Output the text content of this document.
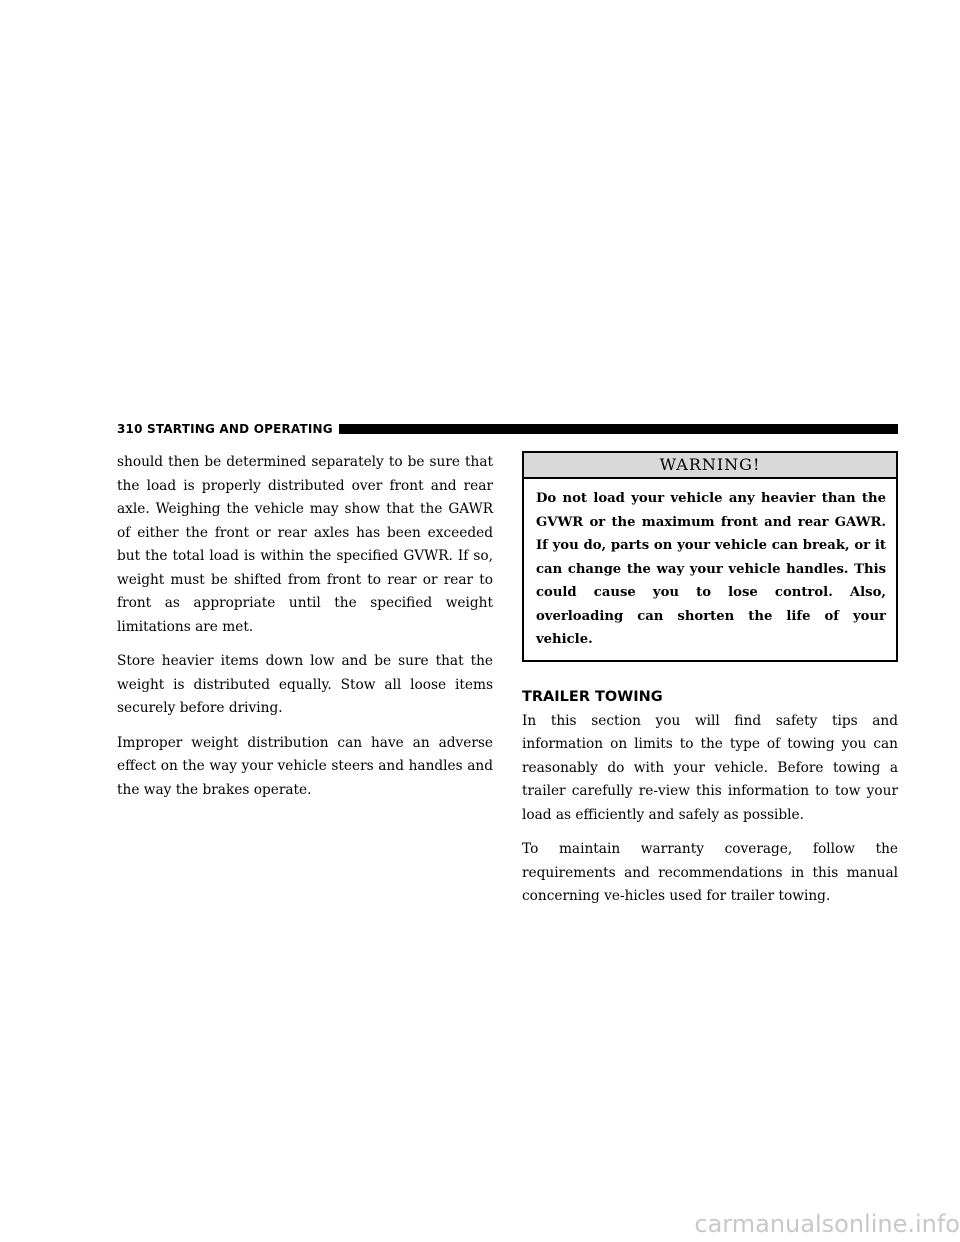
310 STARTING AND OPERATING

should then be determined separately to be sure that the load is properly distributed over front and rear axle. Weighing the vehicle may show that the GAWR of either the front or rear axles has been exceeded but the total load is within the specified GVWR. If so, weight must be shifted from front to rear or rear to front as appropriate until the specified weight limitations are met.

Store heavier items down low and be sure that the weight is distributed equally. Stow all loose items securely before driving.

Improper weight distribution can have an adverse effect on the way your vehicle steers and handles and the way the brakes operate.

WARNING!
Do not load your vehicle any heavier than the GVWR or the maximum front and rear GAWR. If you do, parts on your vehicle can break, or it can change the way your vehicle handles. This could cause you to lose control. Also, overloading can shorten the life of your vehicle.
TRAILER TOWING

In this section you will find safety tips and information on limits to the type of towing you can reasonably do with your vehicle. Before towing a trailer carefully re-view this information to tow your load as efficiently and safely as possible.

To maintain warranty coverage, follow the requirements and recommendations in this manual concerning ve-hicles used for trailer towing.

carmanualsonline.info
